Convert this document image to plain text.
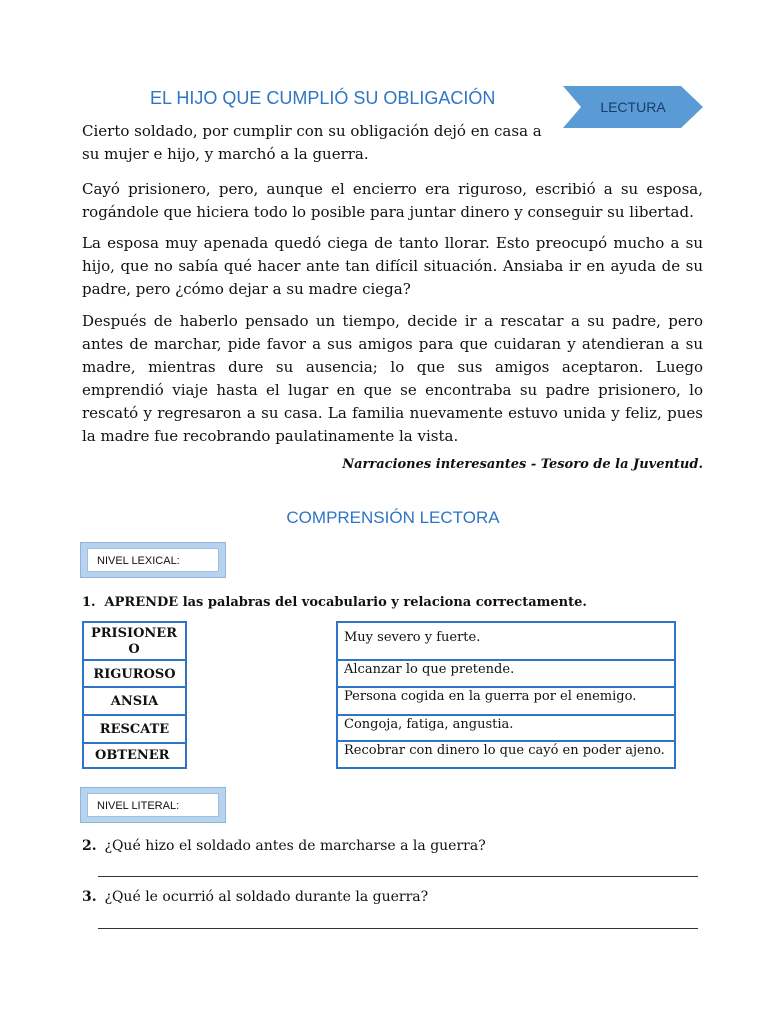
EL HIJO QUE CUMPLIÓ SU OBLIGACIÓN	LECTURA

Cierto soldado, por cumplir con su obligación dejó en casa a su mujer e hijo, y marchó a la guerra.

Cayó prisionero, pero, aunque el encierro era riguroso, escribió a su esposa, rogándole que hiciera todo lo posible para juntar dinero y conseguir su libertad.

La esposa muy apenada quedó ciega de tanto llorar. Esto preocupó mucho a su hijo, que no sabía qué hacer ante tan difícil situación. Ansiaba ir en ayuda de su padre, pero ¿cómo dejar a su madre ciega?

Después de haberlo pensado un tiempo, decide ir a rescatar a su padre, pero antes de marchar, pide favor a sus amigos para que cuidaran y atendieran a su madre, mientras dure su ausencia; lo que sus amigos aceptaron. Luego emprendió viaje hasta el lugar en que se encontraba su padre prisionero, lo rescató y regresaron a su casa. La familia nuevamente estuvo unida y feliz, pues la madre fue recobrando paulatinamente la vista.

Narraciones interesantes - Tesoro de la Juventud.
COMPRENSIÓN LECTORA
NIVEL LEXICAL:
1. APRENDE las palabras del vocabulario y relaciona correctamente.
PRISIONER O
RIGUROSO
ANSIA
RESCATE
OBTENER
Muy severo y fuerte.
Alcanzar lo que pretende.
Persona cogida en la guerra por el enemigo.
Congoja, fatiga, angustia.
Recobrar con dinero lo que cayó en poder ajeno.
NIVEL LITERAL:
2. ¿Qué hizo el soldado antes de marcharse a la guerra?
3. ¿Qué le ocurrió al soldado durante la guerra?
